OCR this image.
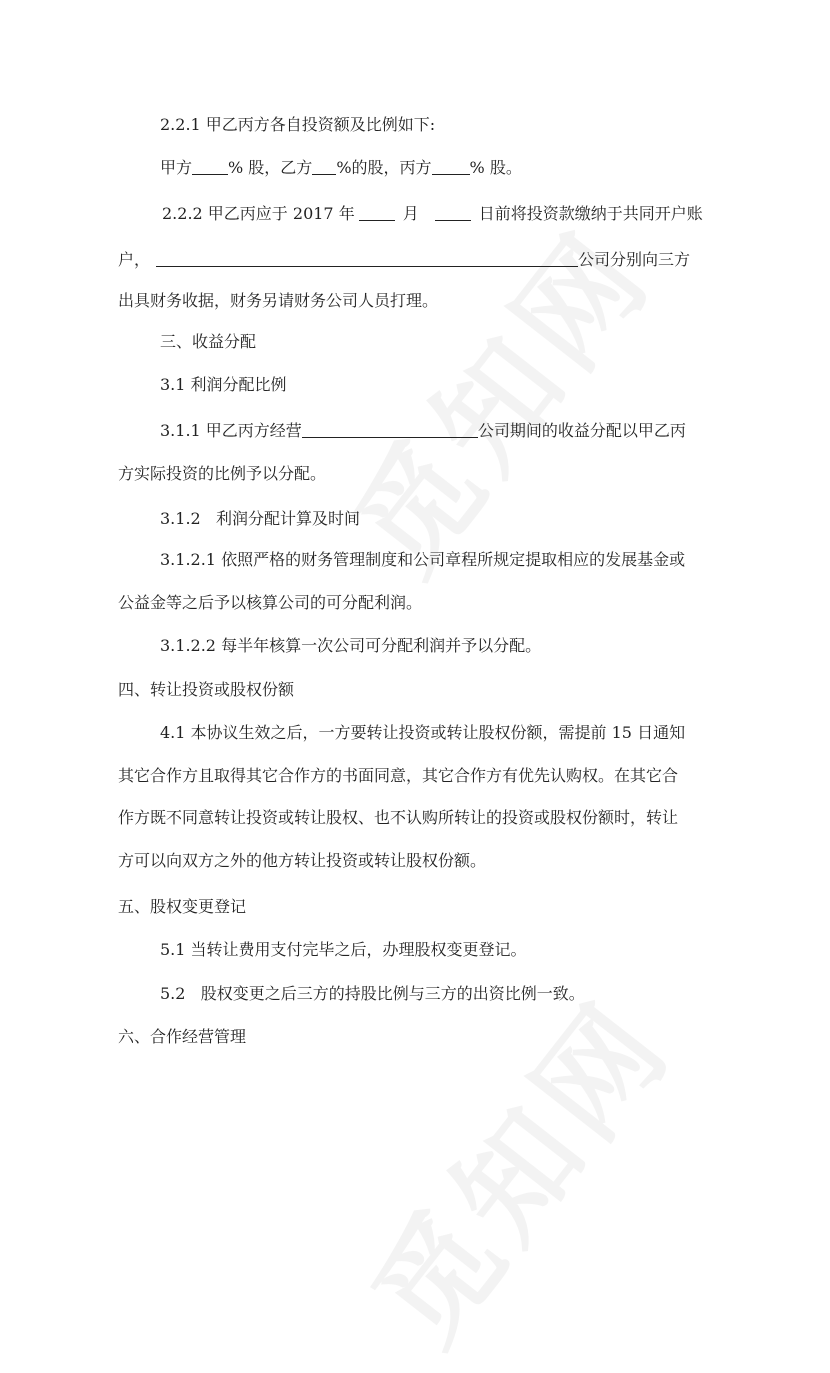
2.2.1 甲乙丙方各自投资额及比例如下:
甲方 % 股，乙方 %的股，丙方 % 股。
2.2.2 甲乙丙应于 2017 年	月	日前将投资款缴纳于共同开户账
户，	公司分别向三方
出具财务收据，财务另请财务公司人员打理。
三、收益分配
3.1 利润分配比例
3.1.1 甲乙丙方经营	公司期间的收益分配以甲乙丙
方实际投资的比例予以分配。
3.1.2   利润分配计算及时间
3.1.2.1 依照严格的财务管理制度和公司章程所规定提取相应的发展基金或
公益金等之后予以核算公司的可分配利润。
3.1.2.2 每半年核算一次公司可分配利润并予以分配。
四、转让投资或股权份额
4.1 本协议生效之后，一方要转让投资或转让股权份额，需提前 15 日通知
其它合作方且取得其它合作方的书面同意，其它合作方有优先认购权。在其它合
作方既不同意转让投资或转让股权、也不认购所转让的投资或股权份额时，转让
方可以向双方之外的他方转让投资或转让股权份额。
五、股权变更登记
5.1 当转让费用支付完毕之后，办理股权变更登记。
5.2   股权变更之后三方的持股比例与三方的出资比例一致。
六、合作经营管理
